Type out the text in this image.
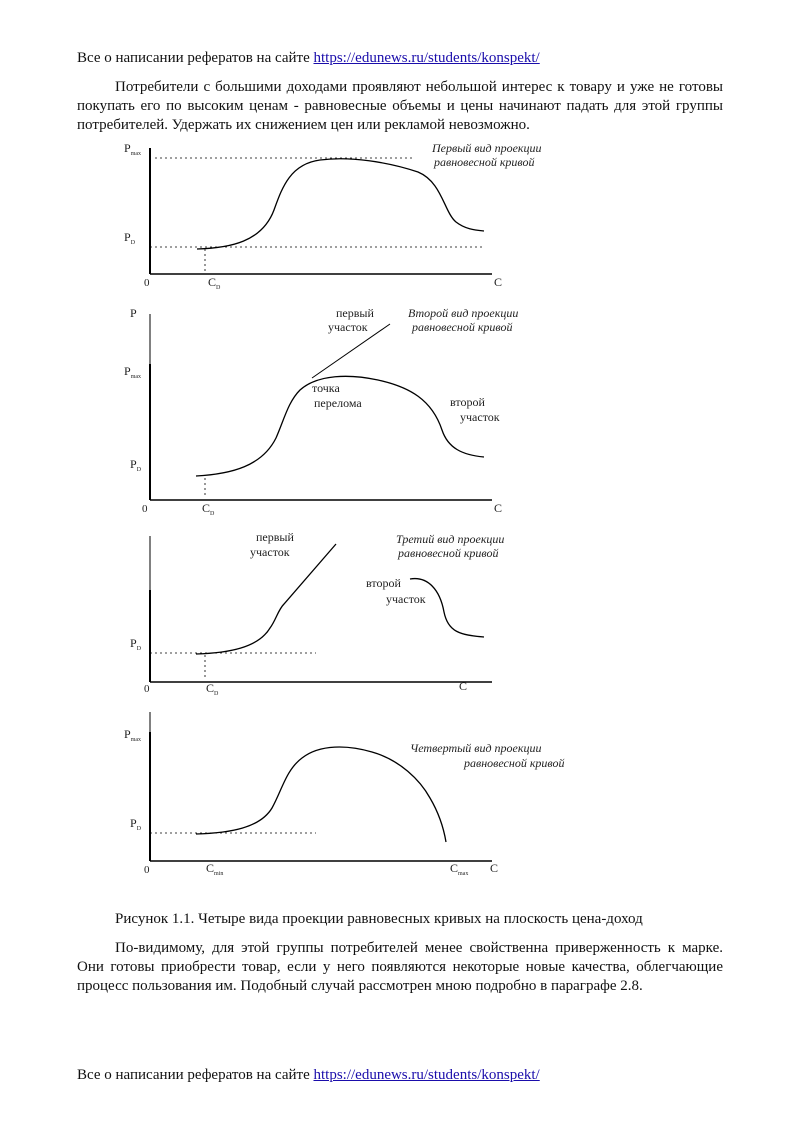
Все о написании рефератов на сайте https://edunews.ru/students/konspekt/
Потребители с большими доходами проявляют небольшой интерес к товару и уже не готовы покупать его по высоким ценам - равновесные объемы и цены начинают падать для этой группы потребителей. Удержать их снижением цен или рекламой невозможно.
$P_{max}$
$P_D$
0	$C_D$	C
Первый вид проекции
равновесной кривой
P
$P_{max}$
$P_D$
0	$C_D$	C
первый
участок
точка
перелома	второй
участок
Второй вид проекции
равновесной кривой
$P_D$
0	$C_D$
C
первый
участок
второй
участок
Третий вид проекции
равновесной кривой
$P_{max}$
$P_D$
0	$C_{min}$	$C_{max}$ C
Четвертый вид проекции
равновесной кривой
Рисунок 1.1. Четыре вида проекции равновесных кривых на плоскость цена-доход
По-видимому, для этой группы потребителей менее свойственна приверженность к марке. Они готовы приобрести товар, если у него появляются некоторые новые качества, облегчающие процесс пользования им. Подобный случай рассмотрен мною подробно в параграфе 2.8.
Все о написании рефератов на сайте https://edunews.ru/students/konspekt/
